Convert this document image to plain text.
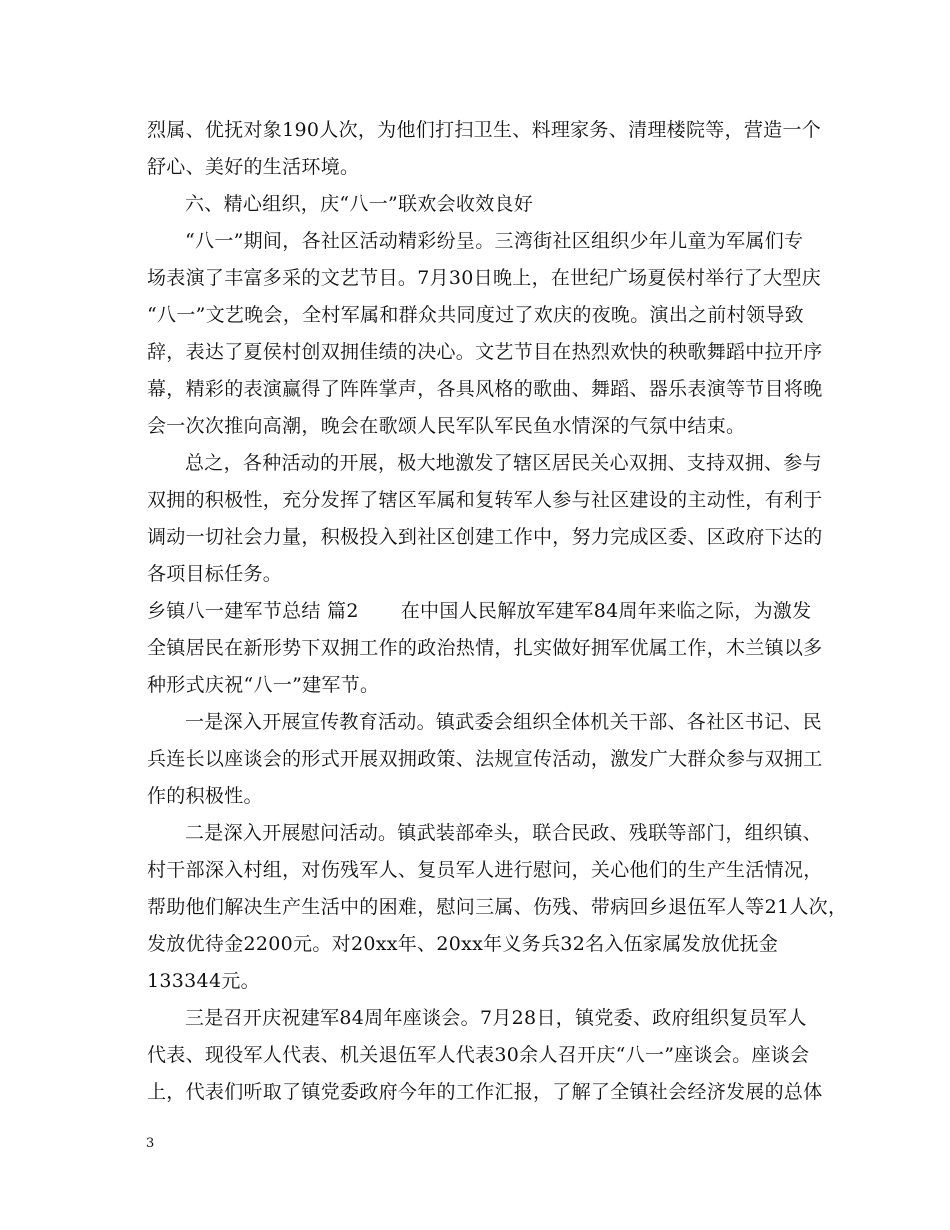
烈属、优抚对象190人次，为他们打扫卫生、料理家务、清理楼院等，营造一个
舒心、美好的生活环境。
六、精心组织，庆“八一”联欢会收效良好
“八一”期间，各社区活动精彩纷呈。三湾街社区组织少年儿童为军属们专
场表演了丰富多采的文艺节目。7月30日晚上，在世纪广场夏侯村举行了大型庆
“八一”文艺晚会，全村军属和群众共同度过了欢庆的夜晚。演出之前村领导致
辞，表达了夏侯村创双拥佳绩的决心。文艺节目在热烈欢快的秧歌舞蹈中拉开序
幕，精彩的表演赢得了阵阵掌声，各具风格的歌曲、舞蹈、器乐表演等节目将晚
会一次次推向高潮，晚会在歌颂人民军队军民鱼水情深的气氛中结束。
总之，各种活动的开展，极大地激发了辖区居民关心双拥、支持双拥、参与
双拥的积极性，充分发挥了辖区军属和复转军人参与社区建设的主动性，有利于
调动一切社会力量，积极投入到社区创建工作中，努力完成区委、区政府下达的
各项目标任务。
乡镇八一建军节总结 篇2 在中国人民解放军建军84周年来临之际，为激发
全镇居民在新形势下双拥工作的政治热情，扎实做好拥军优属工作，木兰镇以多
种形式庆祝“八一”建军节。
一是深入开展宣传教育活动。镇武委会组织全体机关干部、各社区书记、民
兵连长以座谈会的形式开展双拥政策、法规宣传活动，激发广大群众参与双拥工
作的积极性。
二是深入开展慰问活动。镇武装部牵头，联合民政、残联等部门，组织镇、
村干部深入村组，对伤残军人、复员军人进行慰问，关心他们的生产生活情况，
帮助他们解决生产生活中的困难，慰问三属、伤残、带病回乡退伍军人等21人次，
发放优待金2200元。对20xx年、20xx年义务兵32名入伍家属发放优抚金
133344元。
三是召开庆祝建军84周年座谈会。7月28日，镇党委、政府组织复员军人
代表、现役军人代表、机关退伍军人代表30余人召开庆“八一”座谈会。座谈会
上，代表们听取了镇党委政府今年的工作汇报，了解了全镇社会经济发展的总体
3
